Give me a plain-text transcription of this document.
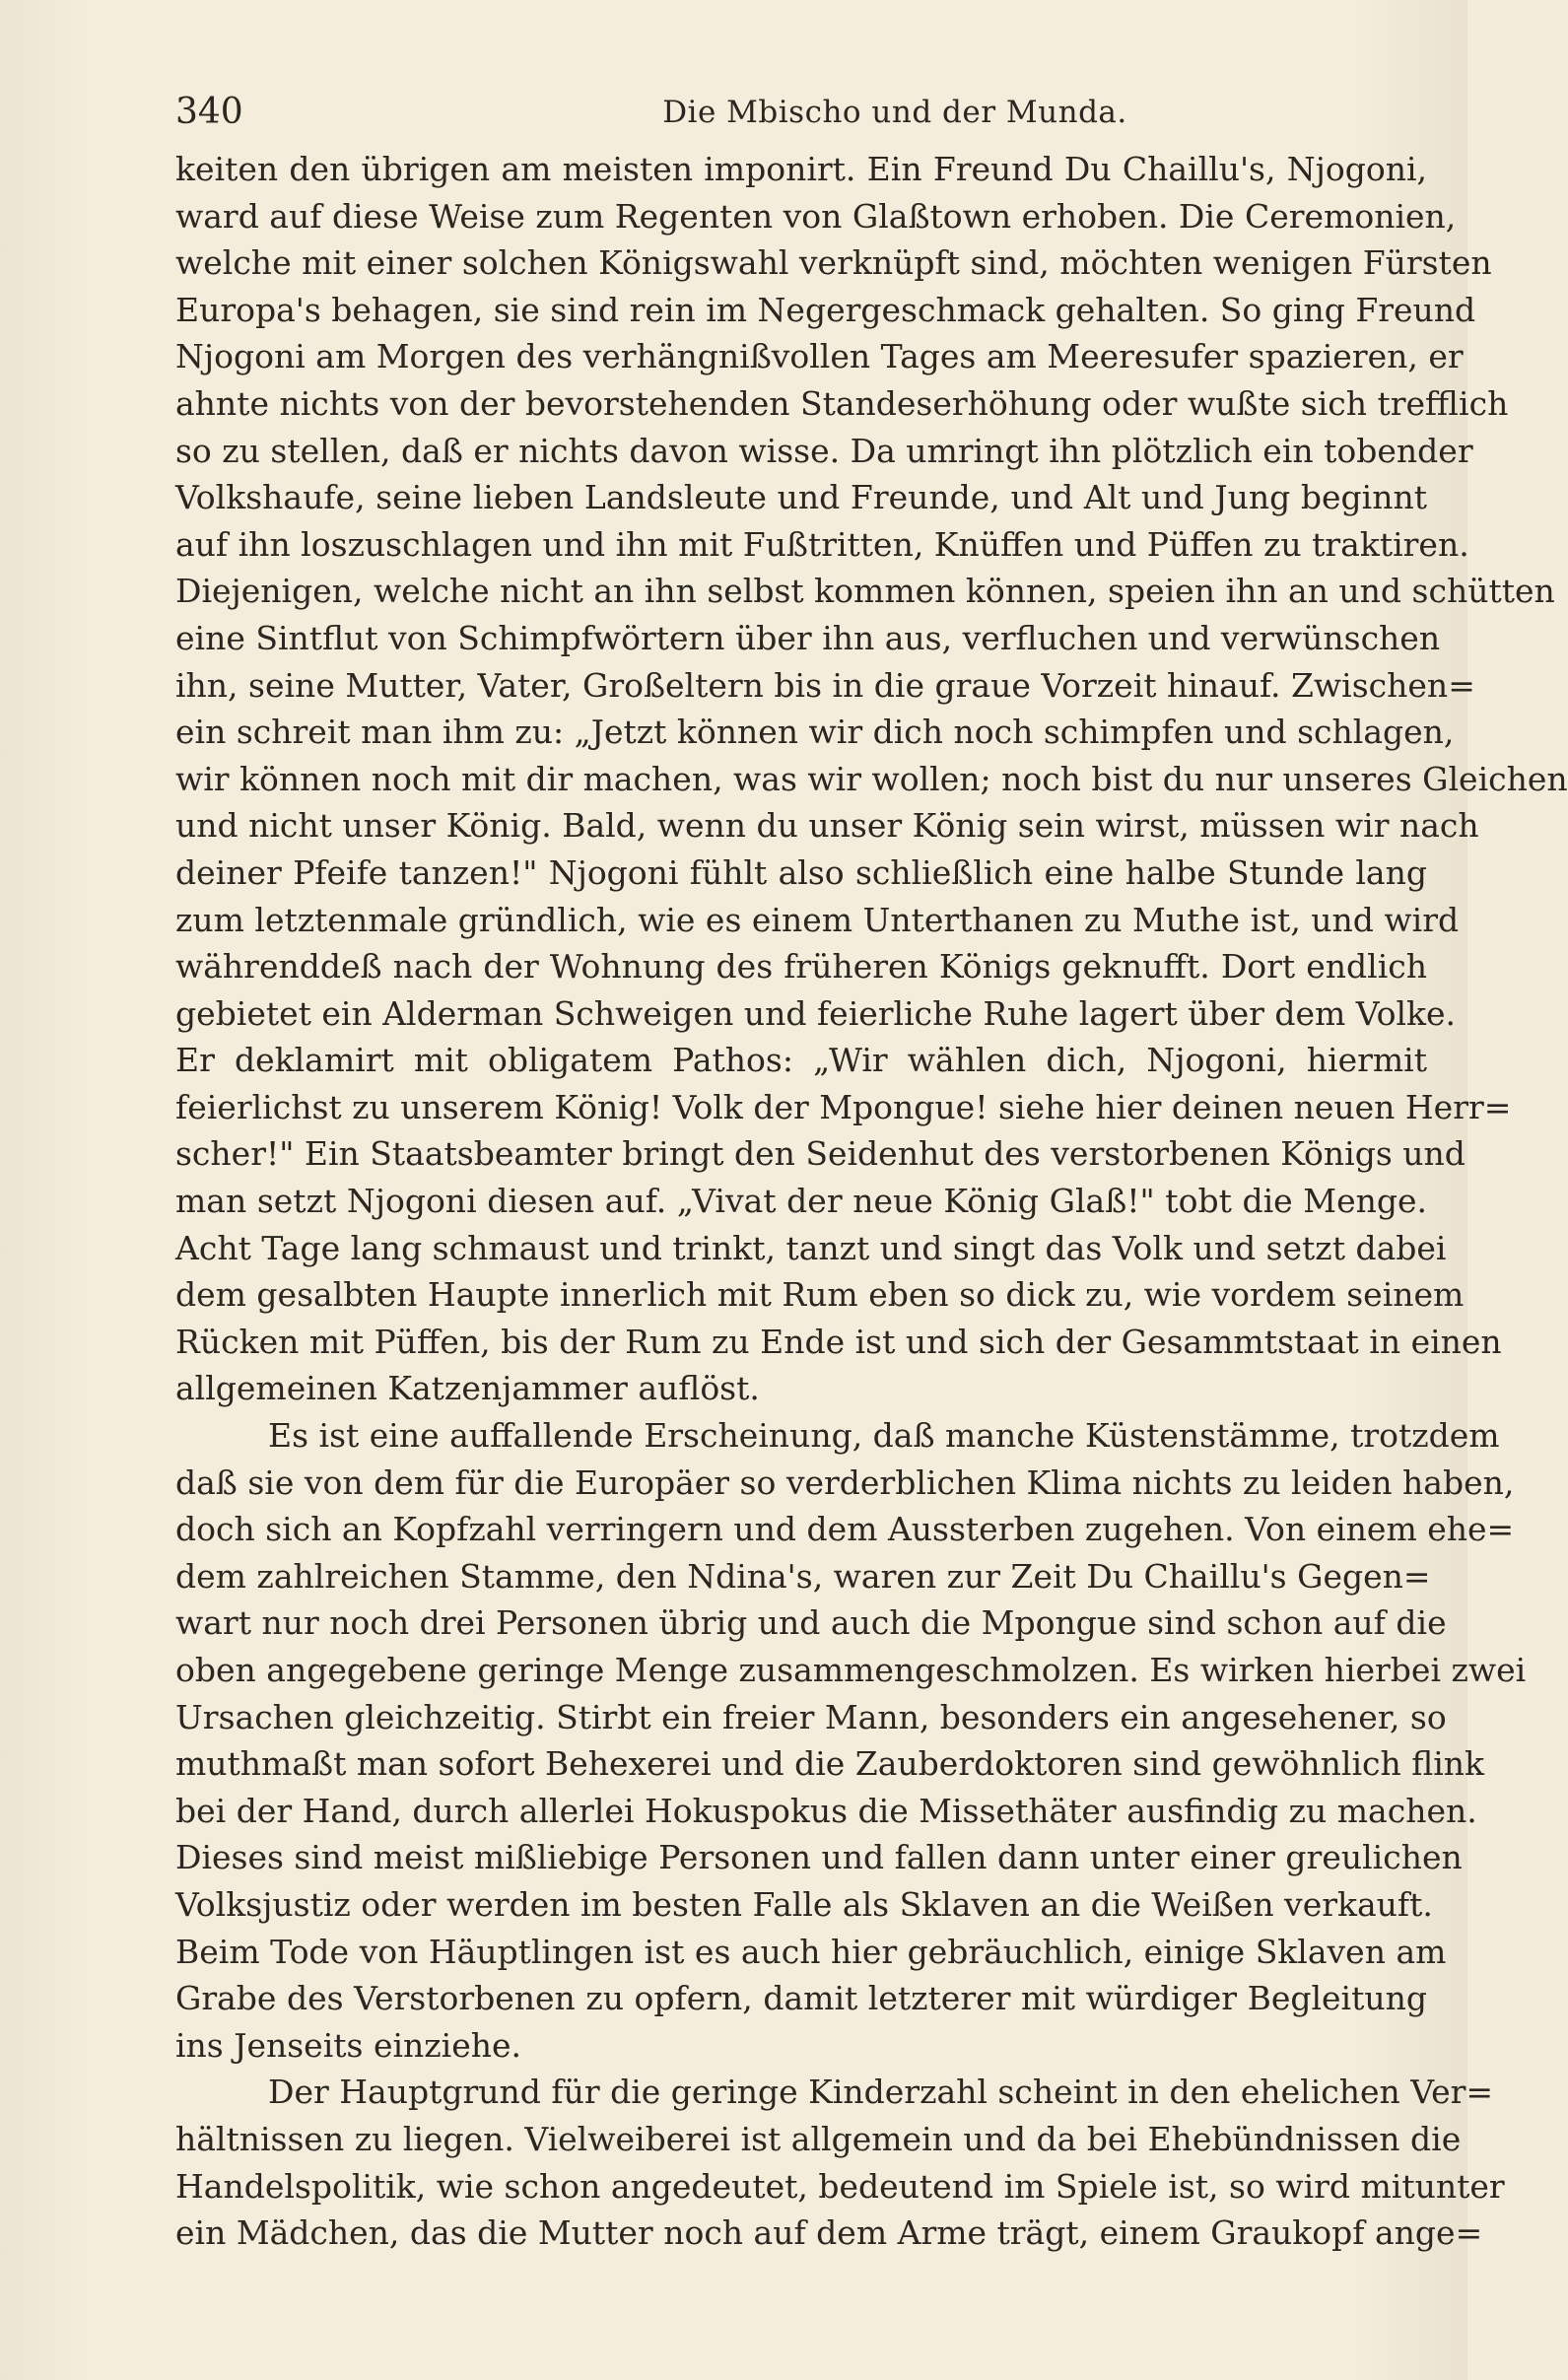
340	Die Mbischo und der Munda.
keiten den übrigen am meisten imponirt. Ein Freund Du Chaillu's, Njogoni,
ward auf diese Weise zum Regenten von Glaßtown erhoben. Die Ceremonien,
welche mit einer solchen Königswahl verknüpft sind, möchten wenigen Fürsten
Europa's behagen, sie sind rein im Negergeschmack gehalten. So ging Freund
Njogoni am Morgen des verhängnißvollen Tages am Meeresufer spazieren, er
ahnte nichts von der bevorstehenden Standeserhöhung oder wußte sich trefflich
so zu stellen, daß er nichts davon wisse. Da umringt ihn plötzlich ein tobender
Volkshaufe, seine lieben Landsleute und Freunde, und Alt und Jung beginnt
auf ihn loszuschlagen und ihn mit Fußtritten, Knüffen und Püffen zu traktiren.
Diejenigen, welche nicht an ihn selbst kommen können, speien ihn an und schütten
eine Sintflut von Schimpfwörtern über ihn aus, verfluchen und verwünschen
ihn, seine Mutter, Vater, Großeltern bis in die graue Vorzeit hinauf. Zwischen=
ein schreit man ihm zu: „Jetzt können wir dich noch schimpfen und schlagen,
wir können noch mit dir machen, was wir wollen; noch bist du nur unseres Gleichen
und nicht unser König. Bald, wenn du unser König sein wirst, müssen wir nach
deiner Pfeife tanzen!" Njogoni fühlt also schließlich eine halbe Stunde lang
zum letztenmale gründlich, wie es einem Unterthanen zu Muthe ist, und wird
währenddeß nach der Wohnung des früheren Königs geknufft. Dort endlich
gebietet ein Alderman Schweigen und feierliche Ruhe lagert über dem Volke.
Er deklamirt mit obligatem Pathos: „Wir wählen dich, Njogoni, hiermit
feierlichst zu unserem König! Volk der Mpongue! siehe hier deinen neuen Herr=
scher!" Ein Staatsbeamter bringt den Seidenhut des verstorbenen Königs und
man setzt Njogoni diesen auf. „Vivat der neue König Glaß!" tobt die Menge.
Acht Tage lang schmaust und trinkt, tanzt und singt das Volk und setzt dabei
dem gesalbten Haupte innerlich mit Rum eben so dick zu, wie vordem seinem
Rücken mit Püffen, bis der Rum zu Ende ist und sich der Gesammtstaat in einen
allgemeinen Katzenjammer auflöst.
Es ist eine auffallende Erscheinung, daß manche Küstenstämme, trotzdem
daß sie von dem für die Europäer so verderblichen Klima nichts zu leiden haben,
doch sich an Kopfzahl verringern und dem Aussterben zugehen. Von einem ehe=
dem zahlreichen Stamme, den Ndina's, waren zur Zeit Du Chaillu's Gegen=
wart nur noch drei Personen übrig und auch die Mpongue sind schon auf die
oben angegebene geringe Menge zusammengeschmolzen. Es wirken hierbei zwei
Ursachen gleichzeitig. Stirbt ein freier Mann, besonders ein angesehener, so
muthmaßt man sofort Behexerei und die Zauberdoktoren sind gewöhnlich flink
bei der Hand, durch allerlei Hokuspokus die Missethäter ausfindig zu machen.
Dieses sind meist mißliebige Personen und fallen dann unter einer greulichen
Volksjustiz oder werden im besten Falle als Sklaven an die Weißen verkauft.
Beim Tode von Häuptlingen ist es auch hier gebräuchlich, einige Sklaven am
Grabe des Verstorbenen zu opfern, damit letzterer mit würdiger Begleitung
ins Jenseits einziehe.
Der Hauptgrund für die geringe Kinderzahl scheint in den ehelichen Ver=
hältnissen zu liegen. Vielweiberei ist allgemein und da bei Ehebündnissen die
Handelspolitik, wie schon angedeutet, bedeutend im Spiele ist, so wird mitunter
ein Mädchen, das die Mutter noch auf dem Arme trägt, einem Graukopf ange=
